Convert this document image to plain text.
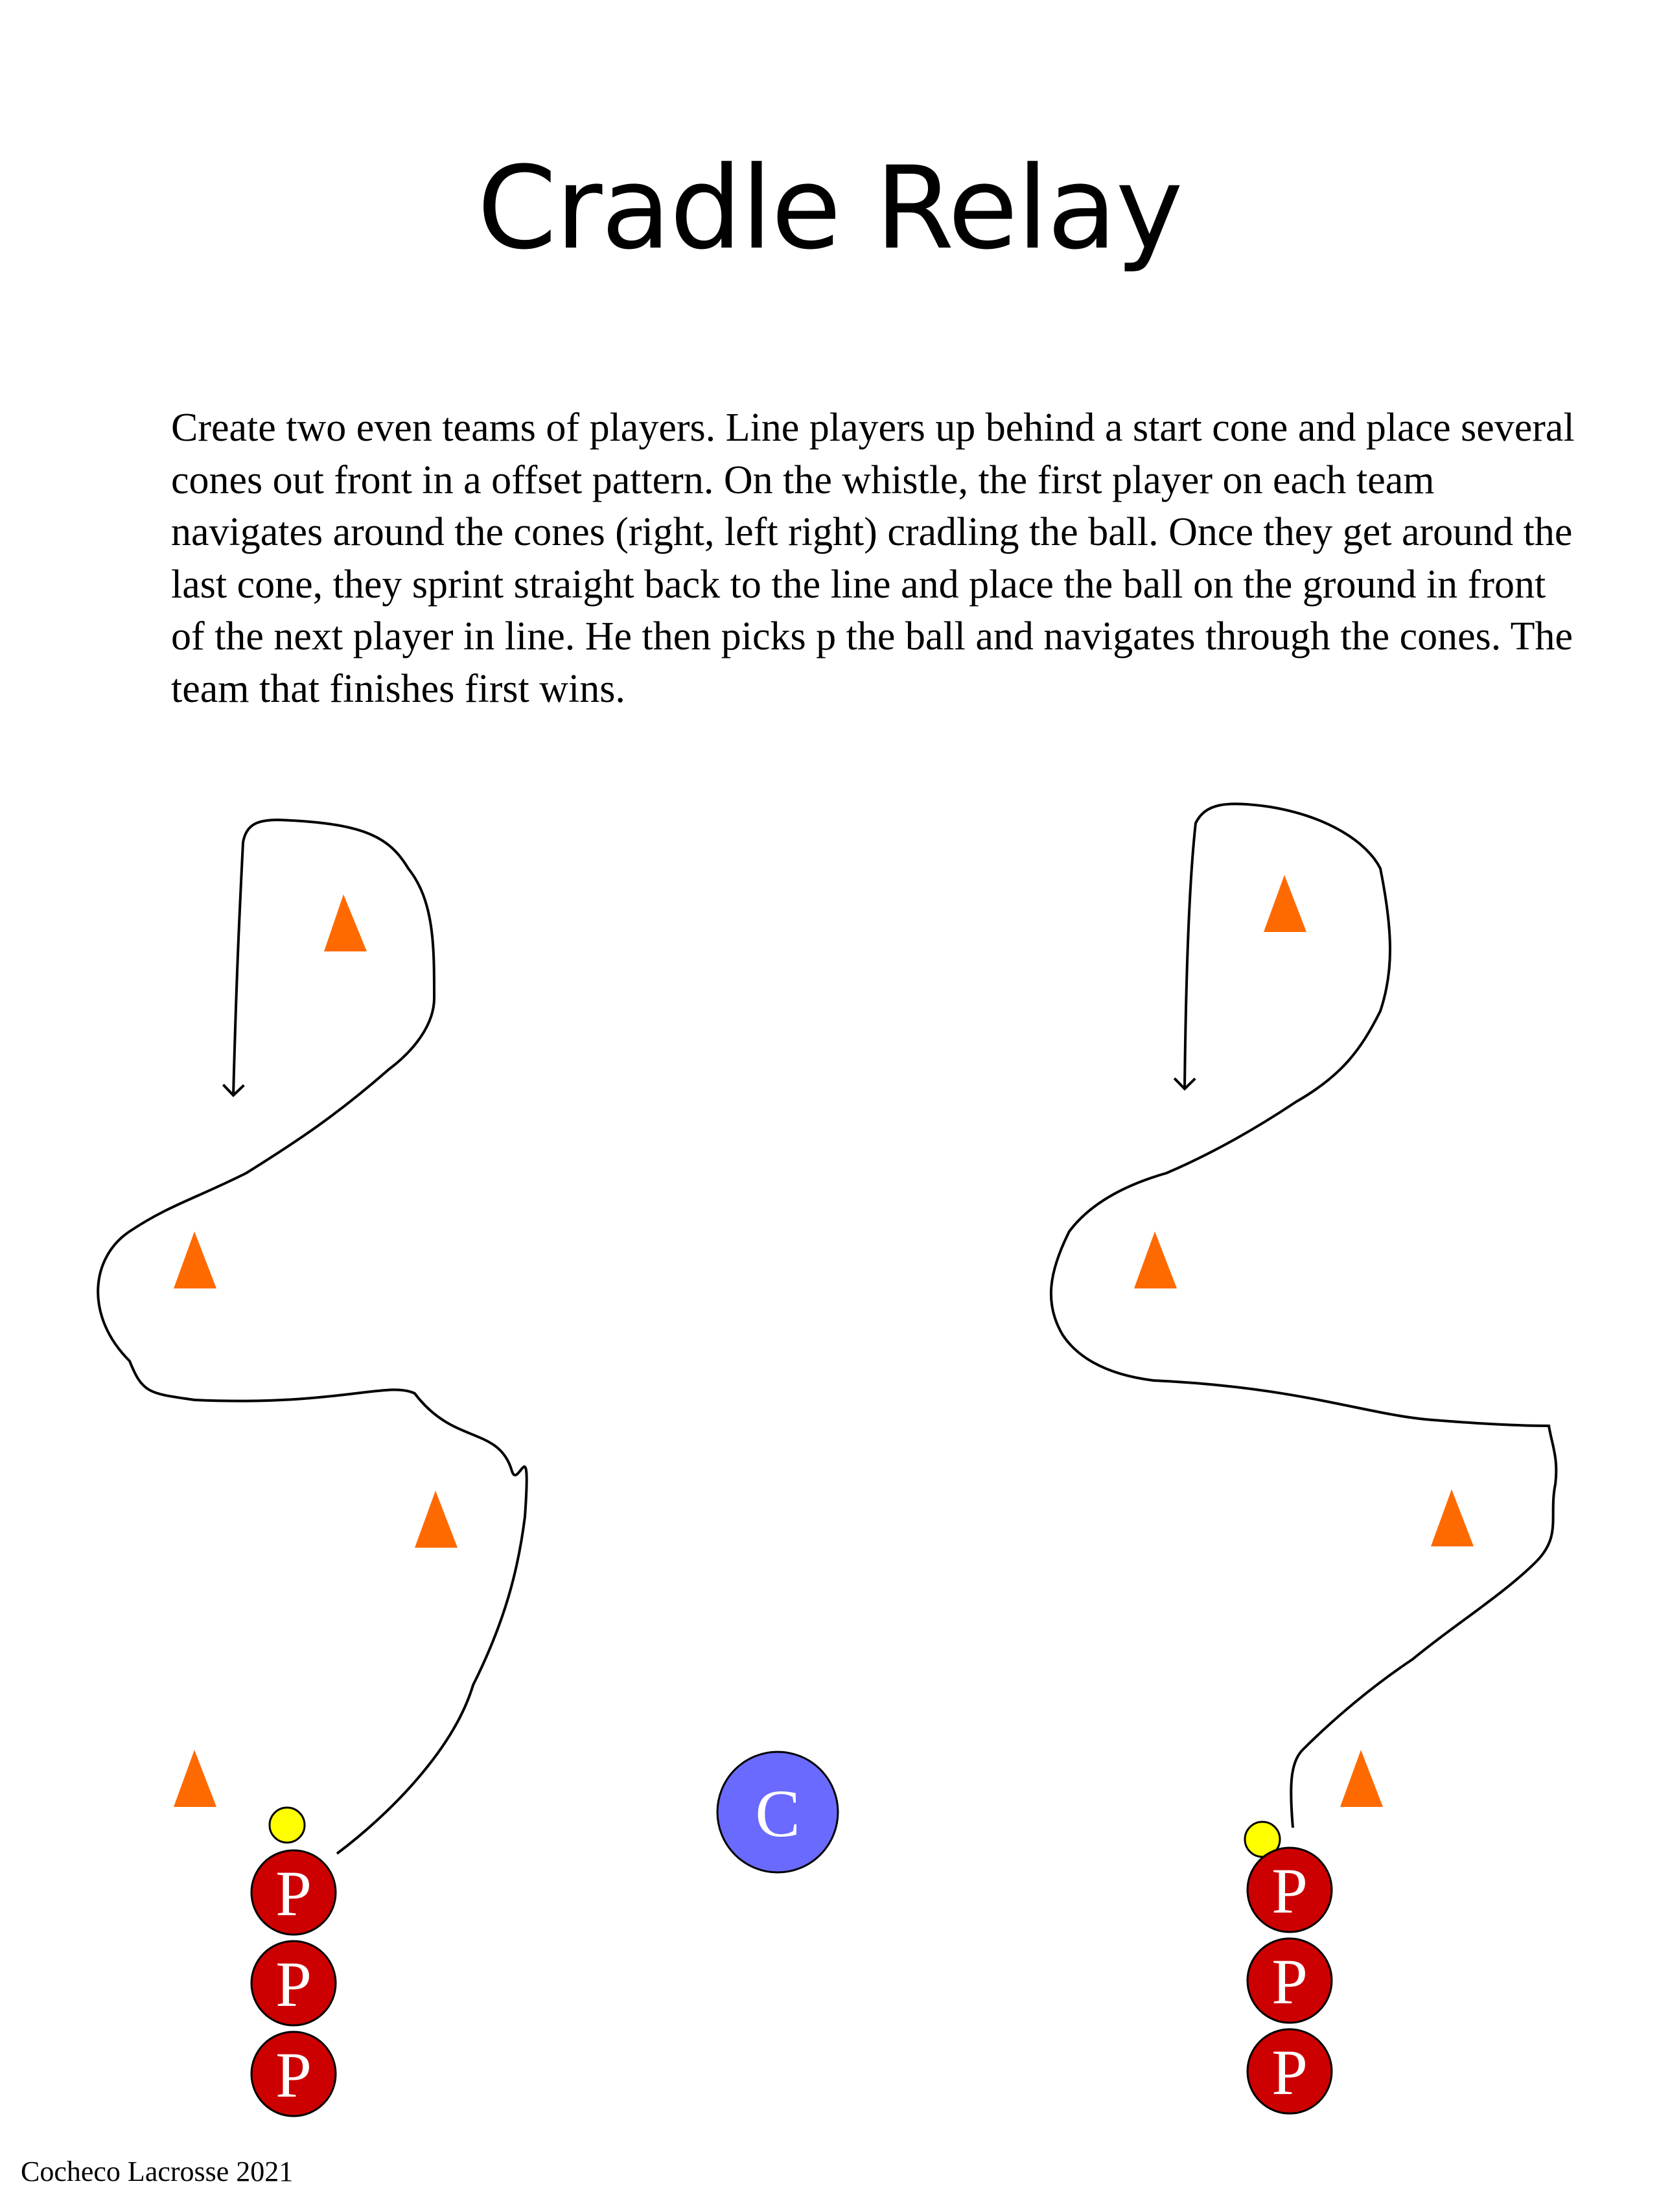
Cradle Relay
Create two even teams of players. Line players up behind a start cone and place several cones out front in a offset pattern. On the whistle, the first player on each team navigates around the cones (right, left right) cradling the ball. Once they get around the last cone, they sprint straight back to the line and place the ball on the ground in front of the next player in line. He then picks p the ball and navigates through the cones. The team that finishes first wins.
P
P
P
P
P
P
C
Cocheco Lacrosse 2021
